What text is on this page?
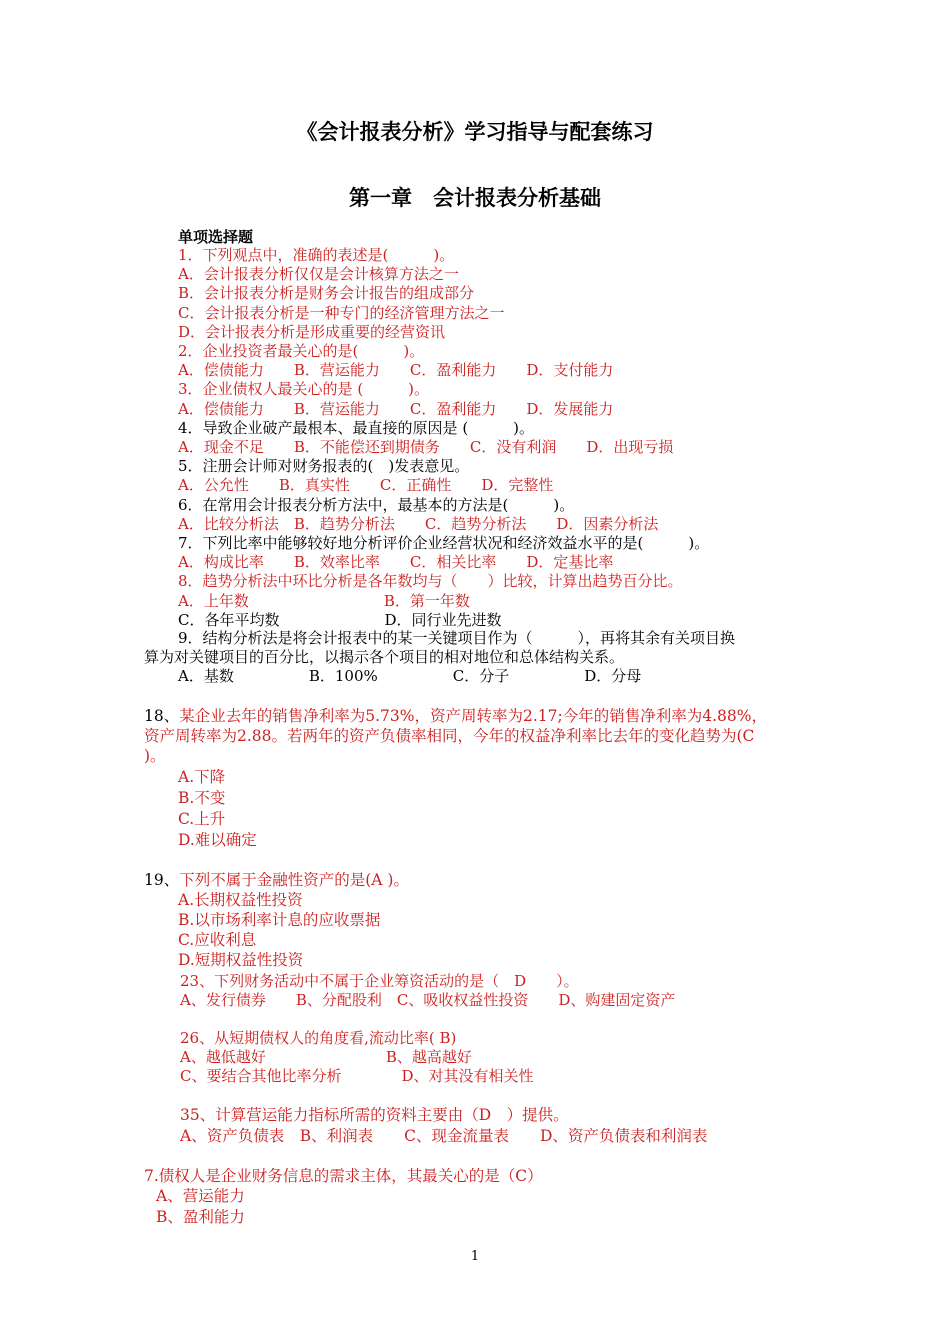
《会计报表分析》学习指导与配套练习
第一章　会计报表分析基础
单项选择题
1．下列观点中，准确的表述是(　　　)。
A．会计报表分析仅仅是会计核算方法之一
B．会计报表分析是财务会计报告的组成部分
C．会计报表分析是一种专门的经济管理方法之一
D．会计报表分析是形成重要的经营资讯
2．企业投资者最关心的是(　　　)。
A．偿债能力　　B．营运能力　　C．盈利能力　　D．支付能力
3．企业债权人最关心的是 (　　　)。
A．偿债能力　　B．营运能力　　C．盈利能力　　D．发展能力
4．导致企业破产最根本、最直接的原因是 (　　　)。
A．现金不足　　B．不能偿还到期债务　　C．没有利润　　D．出现亏损
5．注册会计师对财务报表的(　)发表意见。
A．公允性　　B．真实性　　C．正确性　　D．完整性
6．在常用会计报表分析方法中，最基本的方法是(　　　)。
A．比较分析法　B．趋势分析法　　C．趋势分析法　　D．因素分析法
7．下列比率中能够较好地分析评价企业经营状况和经济效益水平的是(　　　)。
A．构成比率　　B．效率比率　　C．相关比率　　D．定基比率
8．趋势分析法中环比分析是各年数均与（　　）比较，计算出趋势百分比。
A．上年数　　　　　　　　　B．第一年数
C．各年平均数　　　　　　　D．同行业先进数
9．结构分析法是将会计报表中的某一关键项目作为（　　　），再将其余有关项目换
算为对关键项目的百分比，以揭示各个项目的相对地位和总体结构关系。
A．基数　　　　　B．100%　　　　　C．分子　　　　　D．分母
18、某企业去年的销售净利率为5.73%，资产周转率为2.17;今年的销售净利率为4.88%，
资产周转率为2.88。若两年的资产负债率相同，今年的权益净利率比去年的变化趋势为(C
)。
A.下降
B.不变
C.上升
D.难以确定
19、下列不属于金融性资产的是(A )。
A.长期权益性投资
B.以市场利率计息的应收票据
C.应收利息
D.短期权益性投资
23、下列财务活动中不属于企业筹资活动的是（　D　　）。
A、发行债券　　B、分配股利　C、吸收权益性投资　　D、购建固定资产
26、从短期债权人的角度看,流动比率( B)
A、越低越好　　　　　　　　B、越高越好
C、要结合其他比率分析　　　　D、对其没有相关性
35、计算营运能力指标所需的资料主要由（D　）提供。
A、资产负债表　B、利润表　　C、现金流量表　　D、资产负债表和利润表
7.债权人是企业财务信息的需求主体，其最关心的是（C）
A、营运能力
B、盈利能力
1
